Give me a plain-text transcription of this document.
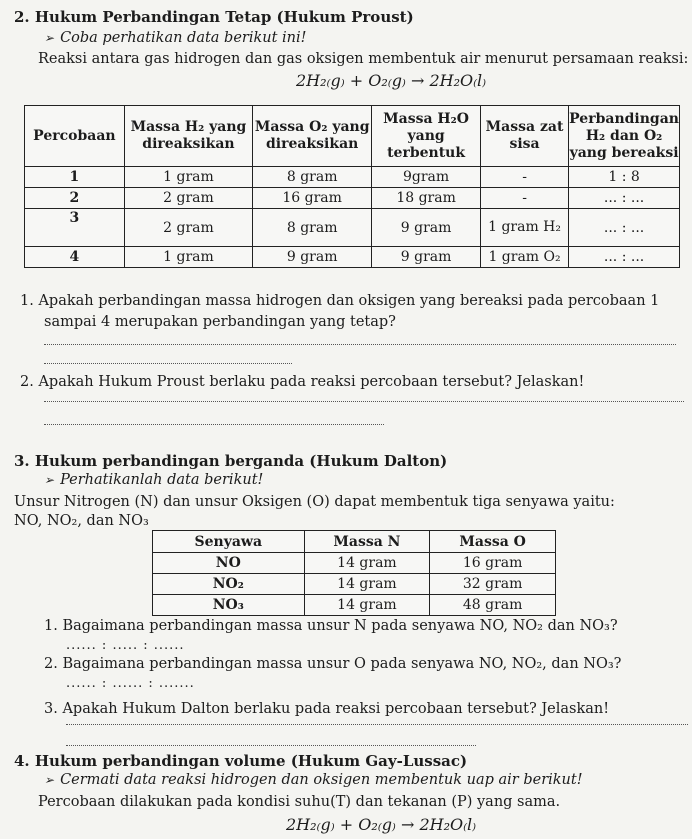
2. Hukum Perbandingan Tetap (Hukum Proust)
➢ Coba perhatikan data berikut ini!
Reaksi antara gas hidrogen dan gas oksigen membentuk air menurut persamaan reaksi:
2H₂₍g₎ + O₂₍g₎ → 2H₂O₍l₎
Percobaan	Massa H₂ yang direaksikan	Massa O₂ yang direaksikan	Massa H₂O yang terbentuk	Massa zat sisa	Perbandingan H₂ dan O₂ yang bereaksi
1	1 gram	8 gram	9gram	-	1 : 8
2	2 gram	16 gram	18 gram	-	... : ...
3	2 gram	8 gram	9 gram	1 gram H₂	... : ...
4	1 gram	9 gram	9 gram	1 gram O₂	... : ...
1. Apakah perbandingan massa hidrogen dan oksigen yang bereaksi pada percobaan 1
sampai 4 merupakan perbandingan yang tetap?
2. Apakah Hukum Proust berlaku pada reaksi percobaan tersebut? Jelaskan!
3. Hukum perbandingan berganda (Hukum Dalton)
➢ Perhatikanlah data berikut!
Unsur Nitrogen (N) dan unsur Oksigen (O) dapat membentuk tiga senyawa yaitu:
NO, NO₂, dan NO₃
Senyawa	Massa N	Massa O
NO	14 gram	16 gram
NO₂	14 gram	32 gram
NO₃	14 gram	48 gram
1. Bagaimana perbandingan massa unsur N pada senyawa NO, NO₂ dan NO₃?
...... : ..... : ......
2. Bagaimana perbandingan massa unsur O pada senyawa NO, NO₂, dan NO₃?
...... : ...... : .......
3. Apakah Hukum Dalton berlaku pada reaksi percobaan tersebut? Jelaskan!
4. Hukum perbandingan volume (Hukum Gay-Lussac)
➢ Cermati data reaksi hidrogen dan oksigen membentuk uap air berikut!
Percobaan dilakukan pada kondisi suhu(T) dan tekanan (P) yang sama.
2H₂₍g₎ + O₂₍g₎ → 2H₂O₍l₎
